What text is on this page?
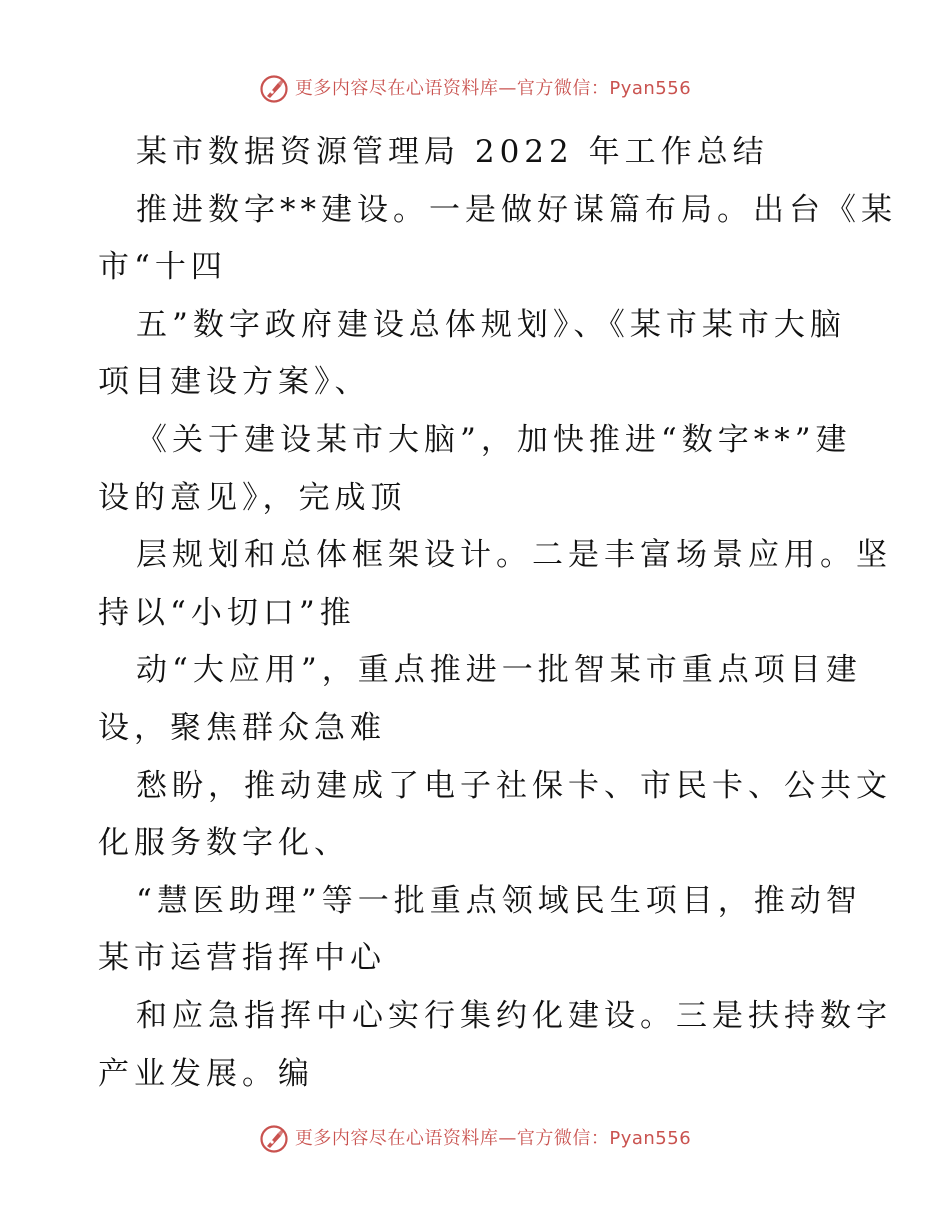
更多内容尽在心语资料库—官方微信：Pyan556

某市数据资源管理局 2022 年工作总结

推进数字**建设。一是做好谋篇布局。出台《某

市“十四

五”数字政府建设总体规划》、《某市某市大脑

项目建设方案》、

《关于建设某市大脑”，加快推进“数字**”建

设的意见》，完成顶

层规划和总体框架设计。二是丰富场景应用。坚

持以“小切口”推

动“大应用”，重点推进一批智某市重点项目建

设，聚焦群众急难

愁盼，推动建成了电子社保卡、市民卡、公共文

化服务数字化、

“慧医助理”等一批重点领域民生项目，推动智

某市运营指挥中心

和应急指挥中心实行集约化建设。三是扶持数字

产业发展。编

更多内容尽在心语资料库—官方微信：Pyan556
